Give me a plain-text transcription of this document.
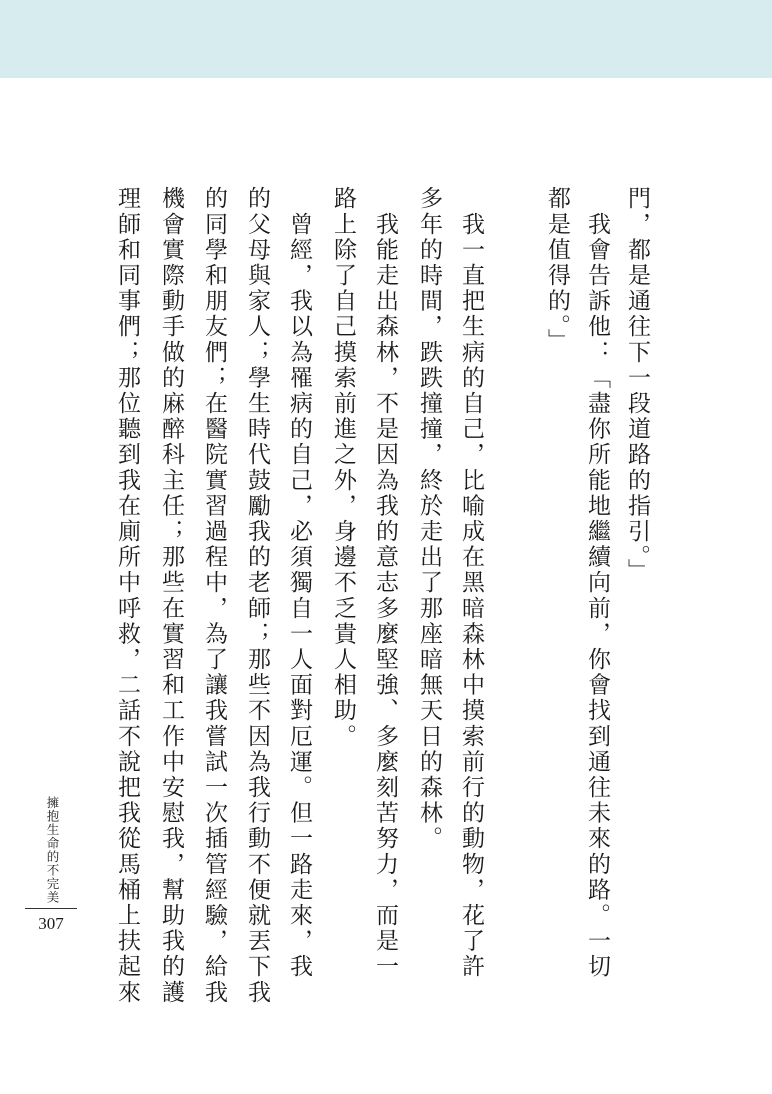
門，都是通往下一段道路的指引。」
　我會告訴他：「盡你所能地繼續向前，你會找到通往未來的路。一切
都是值得的。」
　我一直把生病的自己，比喻成在黑暗森林中摸索前行的動物，花了許
多年的時間，跌跌撞撞，終於走出了那座暗無天日的森林。
　我能走出森林，不是因為我的意志多麼堅強、多麼刻苦努力，而是一
路上除了自己摸索前進之外，身邊不乏貴人相助。
　曾經，我以為罹病的自己，必須獨自一人面對厄運。但一路走來，我
的父母與家人；學生時代鼓勵我的老師；那些不因為我行動不便就丟下我
的同學和朋友們；在醫院實習過程中，為了讓我嘗試一次插管經驗，給我
機會實際動手做的麻醉科主任；那些在實習和工作中安慰我，幫助我的護
理師和同事們；那位聽到我在廁所中呼救，二話不說把我從馬桶上扶起來
擁抱生命的不完美
307
